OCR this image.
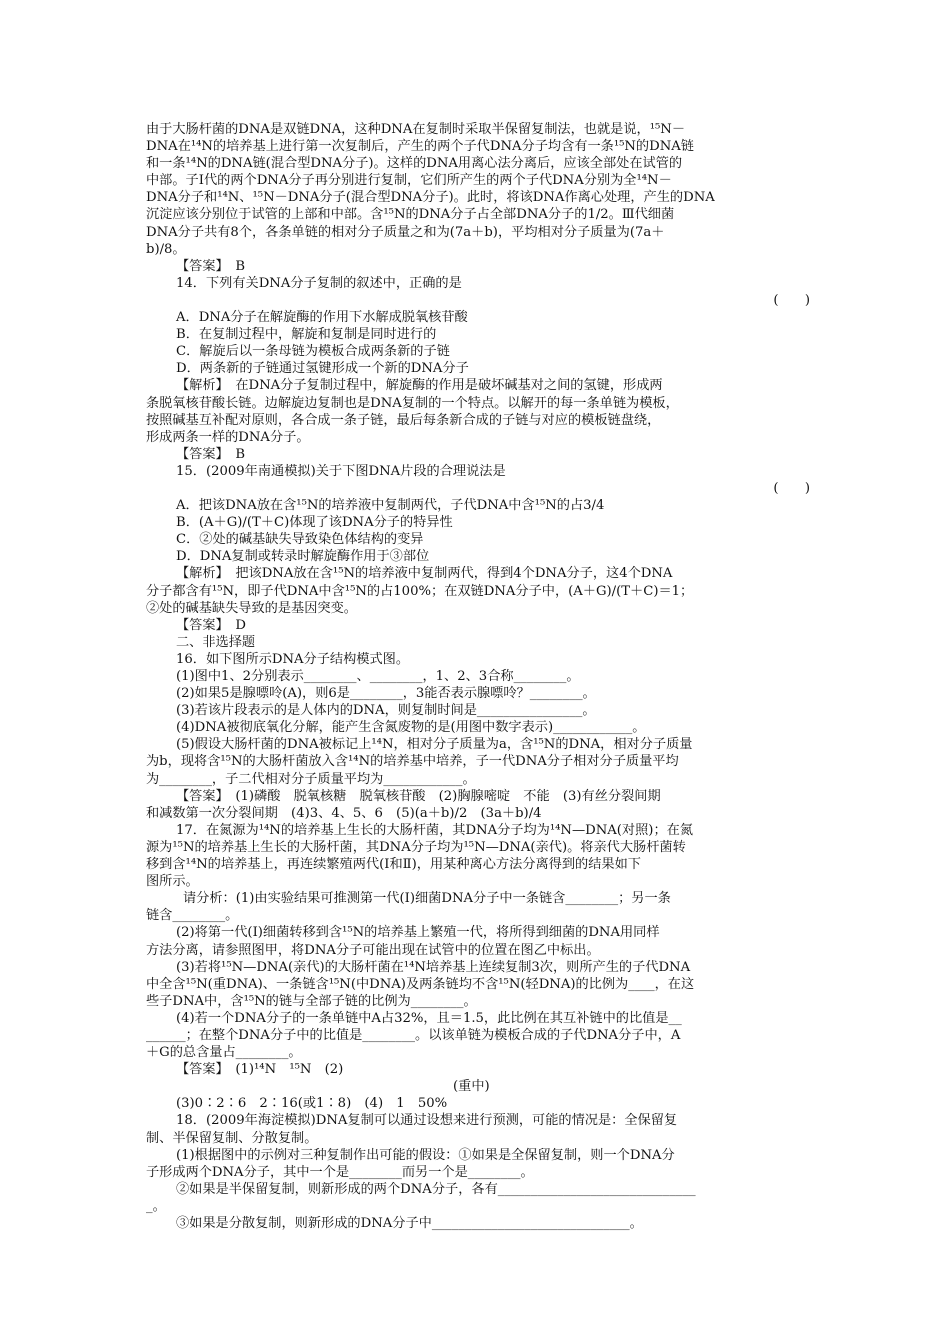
由于大肠杆菌的DNA是双链DNA，这种DNA在复制时采取半保留复制法，也就是说，¹⁵N－
DNA在¹⁴N的培养基上进行第一次复制后，产生的两个子代DNA分子均含有一条¹⁵N的DNA链
和一条¹⁴N的DNA链(混合型DNA分子)。这样的DNA用离心法分离后，应该全部处在试管的
中部。子Ⅰ代的两个DNA分子再分别进行复制，它们所产生的两个子代DNA分别为全¹⁴N－
DNA分子和¹⁴N、¹⁵N－DNA分子(混合型DNA分子)。此时，将该DNA作离心处理，产生的DNA
沉淀应该分别位于试管的上部和中部。含¹⁵N的DNA分子占全部DNA分子的1/2。Ⅲ代细菌
DNA分子共有8个，各条单链的相对分子质量之和为(7a＋b)，平均相对分子质量为(7a＋
b)/8。
【答案】　B
14．下列有关DNA分子复制的叙述中，正确的是
(　　)
A．DNA分子在解旋酶的作用下水解成脱氧核苷酸
B．在复制过程中，解旋和复制是同时进行的
C．解旋后以一条母链为模板合成两条新的子链
D．两条新的子链通过氢键形成一个新的DNA分子
【解析】　在DNA分子复制过程中，解旋酶的作用是破坏碱基对之间的氢键，形成两
条脱氧核苷酸长链。边解旋边复制也是DNA复制的一个特点。以解开的每一条单链为模板，
按照碱基互补配对原则，各合成一条子链，最后每条新合成的子链与对应的模板链盘绕，
形成两条一样的DNA分子。
【答案】　B
15．(2009年南通模拟)关于下图DNA片段的合理说法是
(　　)
A．把该DNA放在含¹⁵N的培养液中复制两代，子代DNA中含¹⁵N的占3/4
B．(A＋G)/(T＋C)体现了该DNA分子的特异性
C．②处的碱基缺失导致染色体结构的变异
D．DNA复制或转录时解旋酶作用于③部位
【解析】　把该DNA放在含¹⁵N的培养液中复制两代，得到4个DNA分子，这4个DNA
分子都含有¹⁵N，即子代DNA中含¹⁵N的占100%；在双链DNA分子中，(A＋G)/(T＋C)＝1；
②处的碱基缺失导致的是基因突变。
【答案】　D
二、非选择题
16．如下图所示DNA分子结构模式图。
(1)图中1、2分别表示________、________，1、2、3合称________。
(2)如果5是腺嘌呤(A)，则6是________，3能否表示腺嘌呤？________。
(3)若该片段表示的是人体内的DNA，则复制时间是________________。
(4)DNA被彻底氧化分解，能产生含氮废物的是(用图中数字表示)____________。
(5)假设大肠杆菌的DNA被标记上¹⁴N，相对分子质量为a，含¹⁵N的DNA，相对分子质量
为b，现将含¹⁵N的大肠杆菌放入含¹⁴N的培养基中培养，子一代DNA分子相对分子质量平均
为________，子二代相对分子质量平均为____________。
【答案】　(1)磷酸　脱氧核糖　脱氧核苷酸　(2)胸腺嘧啶　不能　(3)有丝分裂间期
和减数第一次分裂间期　(4)3、4、5、6　(5)(a＋b)/2　(3a＋b)/4
17．在氮源为¹⁴N的培养基上生长的大肠杆菌，其DNA分子均为¹⁴N—DNA(对照)；在氮
源为¹⁵N的培养基上生长的大肠杆菌，其DNA分子均为¹⁵N—DNA(亲代)。将亲代大肠杆菌转
移到含¹⁴N的培养基上，再连续繁殖两代(Ⅰ和Ⅱ)，用某种离心方法分离得到的结果如下
图所示。
请分析：(1)由实验结果可推测第一代(Ⅰ)细菌DNA分子中一条链含________；另一条
链含________。
(2)将第一代(Ⅰ)细菌转移到含¹⁵N的培养基上繁殖一代，将所得到细菌的DNA用同样
方法分离，请参照图甲，将DNA分子可能出现在试管中的位置在图乙中标出。
(3)若将¹⁵N—DNA(亲代)的大肠杆菌在¹⁴N培养基上连续复制3次，则所产生的子代DNA
中全含¹⁵N(重DNA)、一条链含¹⁵N(中DNA)及两条链均不含¹⁵N(轻DNA)的比例为____，在这
些子DNA中，含¹⁵N的链与全部子链的比例为________。
(4)若一个DNA分子的一条单链中A占32%，且＝1.5，此比例在其互补链中的比值是__
______；在整个DNA分子中的比值是________。以该单链为模板合成的子代DNA分子中，A
＋G的总含量占________。
【答案】　(1)¹⁴N　¹⁵N　(2)
(重中)
(3)0∶2∶6　2∶16(或1∶8)　(4)　1　50%
18．(2009年海淀模拟)DNA复制可以通过设想来进行预测，可能的情况是：全保留复
制、半保留复制、分散复制。
(1)根据图中的示例对三种复制作出可能的假设：①如果是全保留复制，则一个DNA分
子形成两个DNA分子，其中一个是________而另一个是________。
②如果是半保留复制，则新形成的两个DNA分子，各有______________________________
_。
③如果是分散复制，则新形成的DNA分子中______________________________。
